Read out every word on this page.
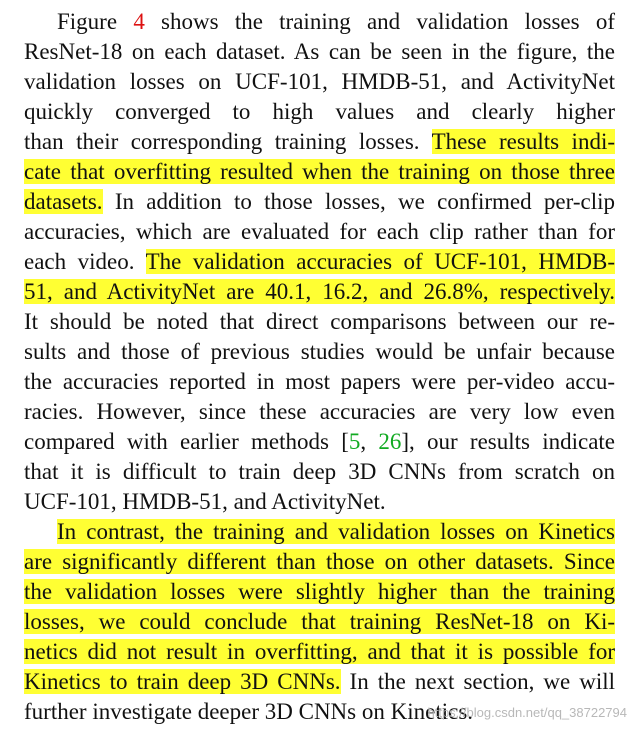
Figure 4 shows the training and validation losses of
ResNet-18 on each dataset. As can be seen in the figure, the
validation losses on UCF-101, HMDB-51, and ActivityNet
quickly converged to high values and clearly higher
than their corresponding training losses. These results indi-
cate that overfitting resulted when the training on those three
datasets. In addition to those losses, we confirmed per-clip
accuracies, which are evaluated for each clip rather than for
each video. The validation accuracies of UCF-101, HMDB-
51, and ActivityNet are 40.1, 16.2, and 26.8%, respectively.
It should be noted that direct comparisons between our re-
sults and those of previous studies would be unfair because
the accuracies reported in most papers were per-video accu-
racies. However, since these accuracies are very low even
compared with earlier methods [5, 26], our results indicate
that it is difficult to train deep 3D CNNs from scratch on
UCF-101, HMDB-51, and ActivityNet.
In contrast, the training and validation losses on Kinetics
are significantly different than those on other datasets. Since
the validation losses were slightly higher than the training
losses, we could conclude that training ResNet-18 on Ki-
netics did not result in overfitting, and that it is possible for
Kinetics to train deep 3D CNNs. In the next section, we will
further investigate deeper 3D CNNs on Kinetics.
https://blog.csdn.net/qq_38722794
